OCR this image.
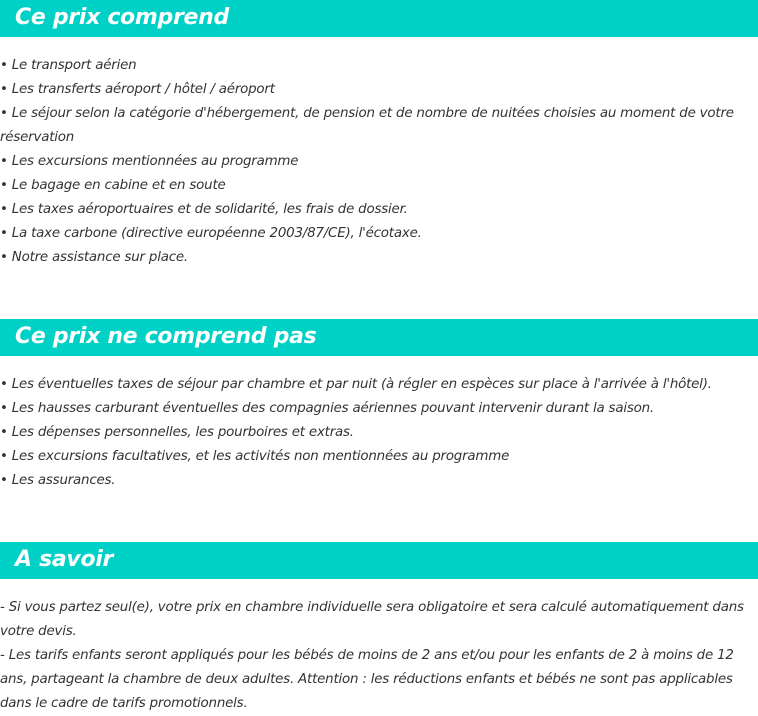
Ce prix comprend
• Le transport aérien
• Les transferts aéroport / hôtel / aéroport
• Le séjour selon la catégorie d'hébergement, de pension et de nombre de nuitées choisies au moment de votre réservation
• Les excursions mentionnées au programme
• Le bagage en cabine et en soute
• Les taxes aéroportuaires et de solidarité, les frais de dossier.
• La taxe carbone (directive européenne 2003/87/CE), l'écotaxe.
• Notre assistance sur place.
Ce prix ne comprend pas
• Les éventuelles taxes de séjour par chambre et par nuit (à régler en espèces sur place à l'arrivée à l'hôtel).
• Les hausses carburant éventuelles des compagnies aériennes pouvant intervenir durant la saison.
• Les dépenses personnelles, les pourboires et extras.
• Les excursions facultatives, et les activités non mentionnées au programme
• Les assurances.
A savoir
- Si vous partez seul(e), votre prix en chambre individuelle sera obligatoire et sera calculé automatiquement dans votre devis.
- Les tarifs enfants seront appliqués pour les bébés de moins de 2 ans et/ou pour les enfants de 2 à moins de 12 ans, partageant la chambre de deux adultes. Attention : les réductions enfants et bébés ne sont pas applicables dans le cadre de tarifs promotionnels.
